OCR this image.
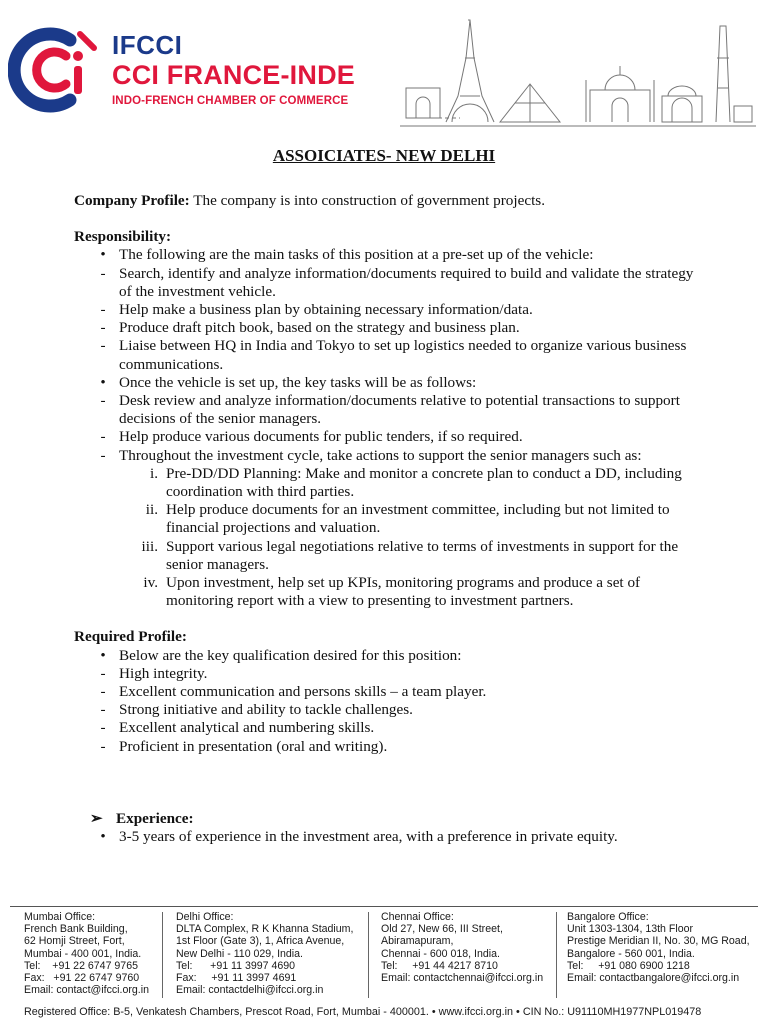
IFCCI
CCI FRANCE-INDE
INDO-FRENCH CHAMBER OF COMMERCE
ASSOICIATES- NEW DELHI

Company Profile: The company is into construction of government projects.

Responsibility:

• The following are the main tasks of this position at a pre-set up of the vehicle:
- Search, identify and analyze information/documents required to build and validate the strategy of the investment vehicle.
- Help make a business plan by obtaining necessary information/data.
- Produce draft pitch book, based on the strategy and business plan.
- Liaise between HQ in India and Tokyo to set up logistics needed to organize various business communications.
• Once the vehicle is set up, the key tasks will be as follows:
- Desk review and analyze information/documents relative to potential transactions to support decisions of the senior managers.
- Help produce various documents for public tenders, if so required.
- Throughout the investment cycle, take actions to support the senior managers such as:
i. Pre-DD/DD Planning: Make and monitor a concrete plan to conduct a DD, including coordination with third parties.
ii. Help produce documents for an investment committee, including but not limited to financial projections and valuation.
iii. Support various legal negotiations relative to terms of investments in support for the senior managers.
iv. Upon investment, help set up KPIs, monitoring programs and produce a set of monitoring report with a view to presenting to investment partners.

Required Profile:

• Below are the key qualification desired for this position:
- High integrity.
- Excellent communication and persons skills – a team player.
- Strong initiative and ability to tackle challenges.
- Excellent analytical and numbering skills.
- Proficient in presentation (oral and writing).

➢ Experience:

• 3-5 years of experience in the investment area, with a preference in private equity.
Mumbai Office:
French Bank Building,
62 Homji Street, Fort,
Mumbai - 400 001, India.
Tel:    +91 22 6747 9765
Fax:   +91 22 6747 9760
Email: contact@ifcci.org.in
Delhi Office:
DLTA Complex, R K Khanna Stadium,
1st Floor (Gate 3), 1, Africa Avenue,
New Delhi - 110 029, India.
Tel:      +91 11 3997 4690
Fax:     +91 11 3997 4691
Email: contactdelhi@ifcci.org.in
Chennai Office:
Old 27, New 66, III Street,
Abiramapuram,
Chennai - 600 018, India.
Tel:     +91 44 4217 8710
Email: contactchennai@ifcci.org.in
Bangalore Office:
Unit 1303-1304, 13th Floor
Prestige Meridian II, No. 30, MG Road,
Bangalore - 560 001, India.
Tel:     +91 080 6900 1218
Email: contactbangalore@ifcci.org.in
Registered Office: B-5, Venkatesh Chambers, Prescot Road, Fort, Mumbai - 400001. • www.ifcci.org.in • CIN No.: U91110MH1977NPL019478
